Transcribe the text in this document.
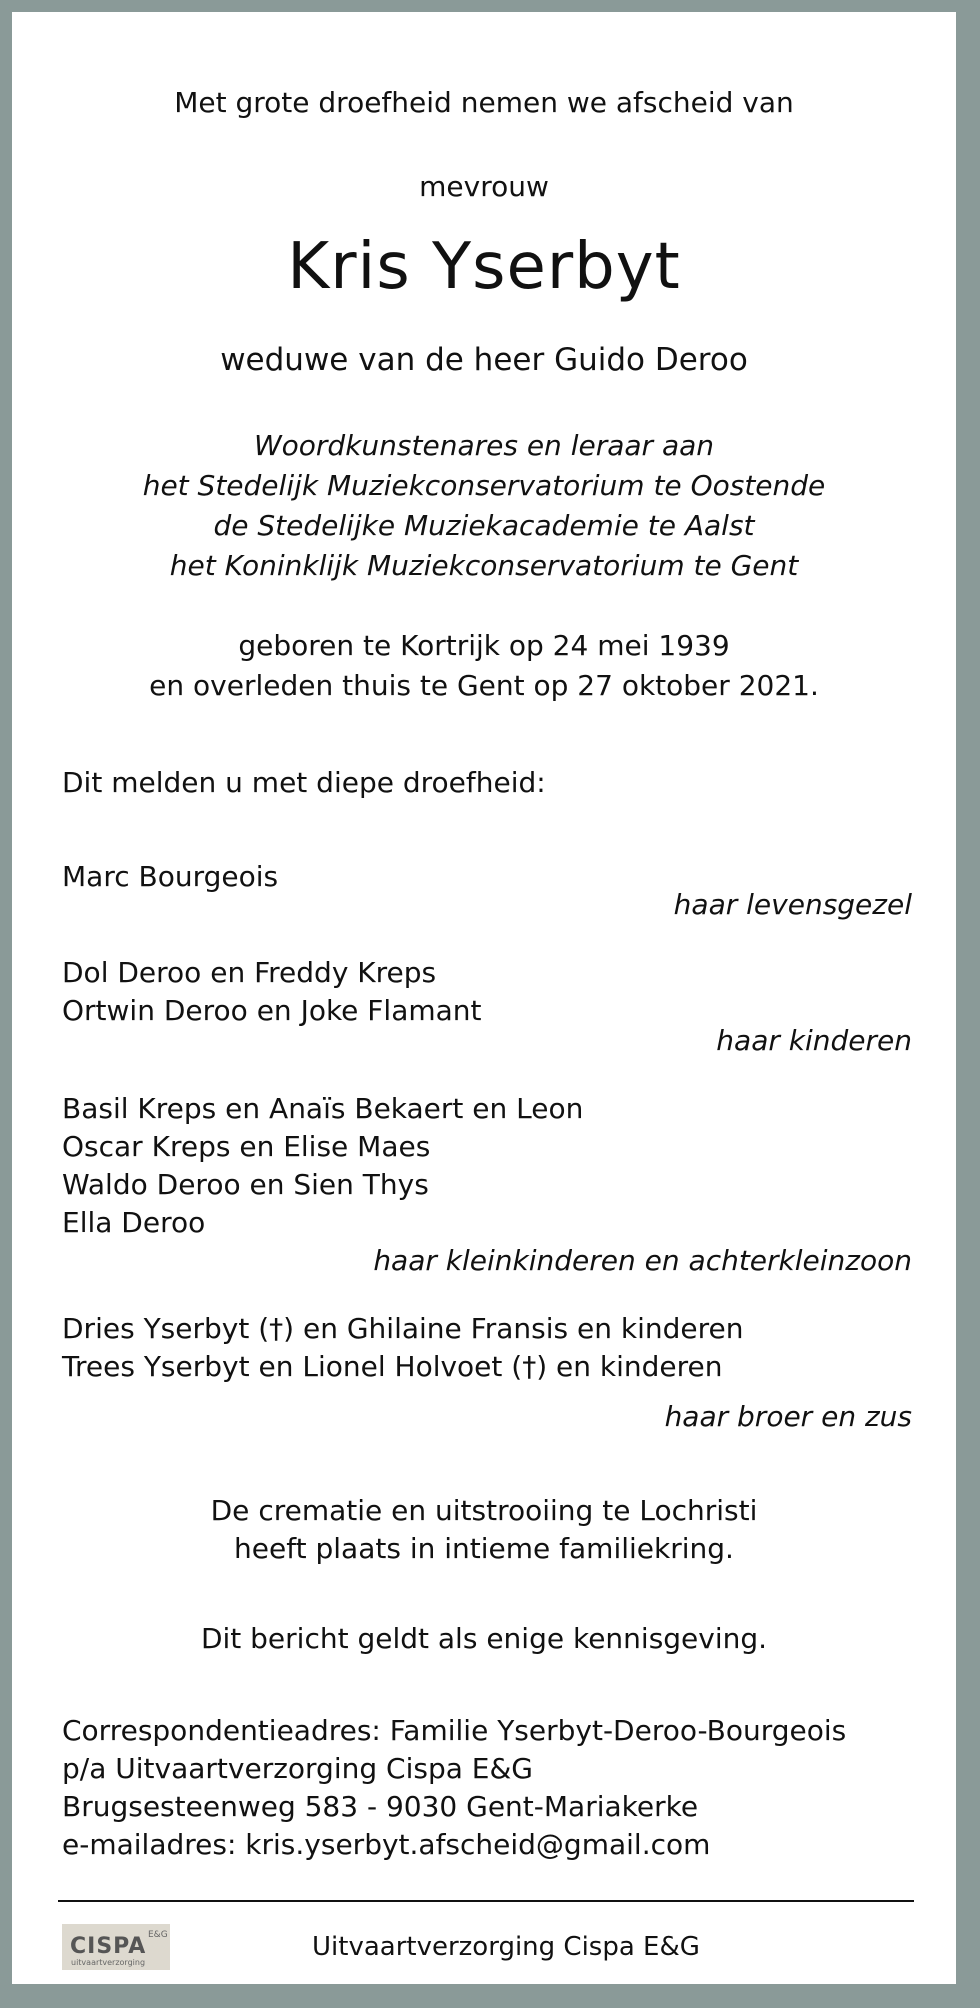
Met grote droefheid nemen we afscheid van
mevrouw
Kris Yserbyt
weduwe van de heer Guido Deroo
Woordkunstenares en leraar aan
het Stedelijk Muziekconservatorium te Oostende
de Stedelijke Muziekacademie te Aalst
het Koninklijk Muziekconservatorium te Gent
geboren te Kortrijk op 24 mei 1939
en overleden thuis te Gent op 27 oktober 2021.
Dit melden u met diepe droefheid:
Marc Bourgeois
haar levensgezel
Dol Deroo en Freddy Kreps
Ortwin Deroo en Joke Flamant
haar kinderen
Basil Kreps en Anaïs Bekaert en Leon
Oscar Kreps en Elise Maes
Waldo Deroo en Sien Thys
Ella Deroo
haar kleinkinderen en achterkleinzoon
Dries Yserbyt (†) en Ghilaine Fransis en kinderen
Trees Yserbyt en Lionel Holvoet (†) en kinderen
haar broer en zus
De crematie en uitstrooiing te Lochristi
heeft plaats in intieme familiekring.
Dit bericht geldt als enige kennisgeving.
Correspondentieadres: Familie Yserbyt-Deroo-Bourgeois
p/a Uitvaartverzorging Cispa E&G
Brugsesteenweg 583 - 9030 Gent-Mariakerke
e-mailadres: kris.yserbyt.afscheid@gmail.com
CISPA E&G
uitvaartverzorging
Uitvaartverzorging Cispa E&G
